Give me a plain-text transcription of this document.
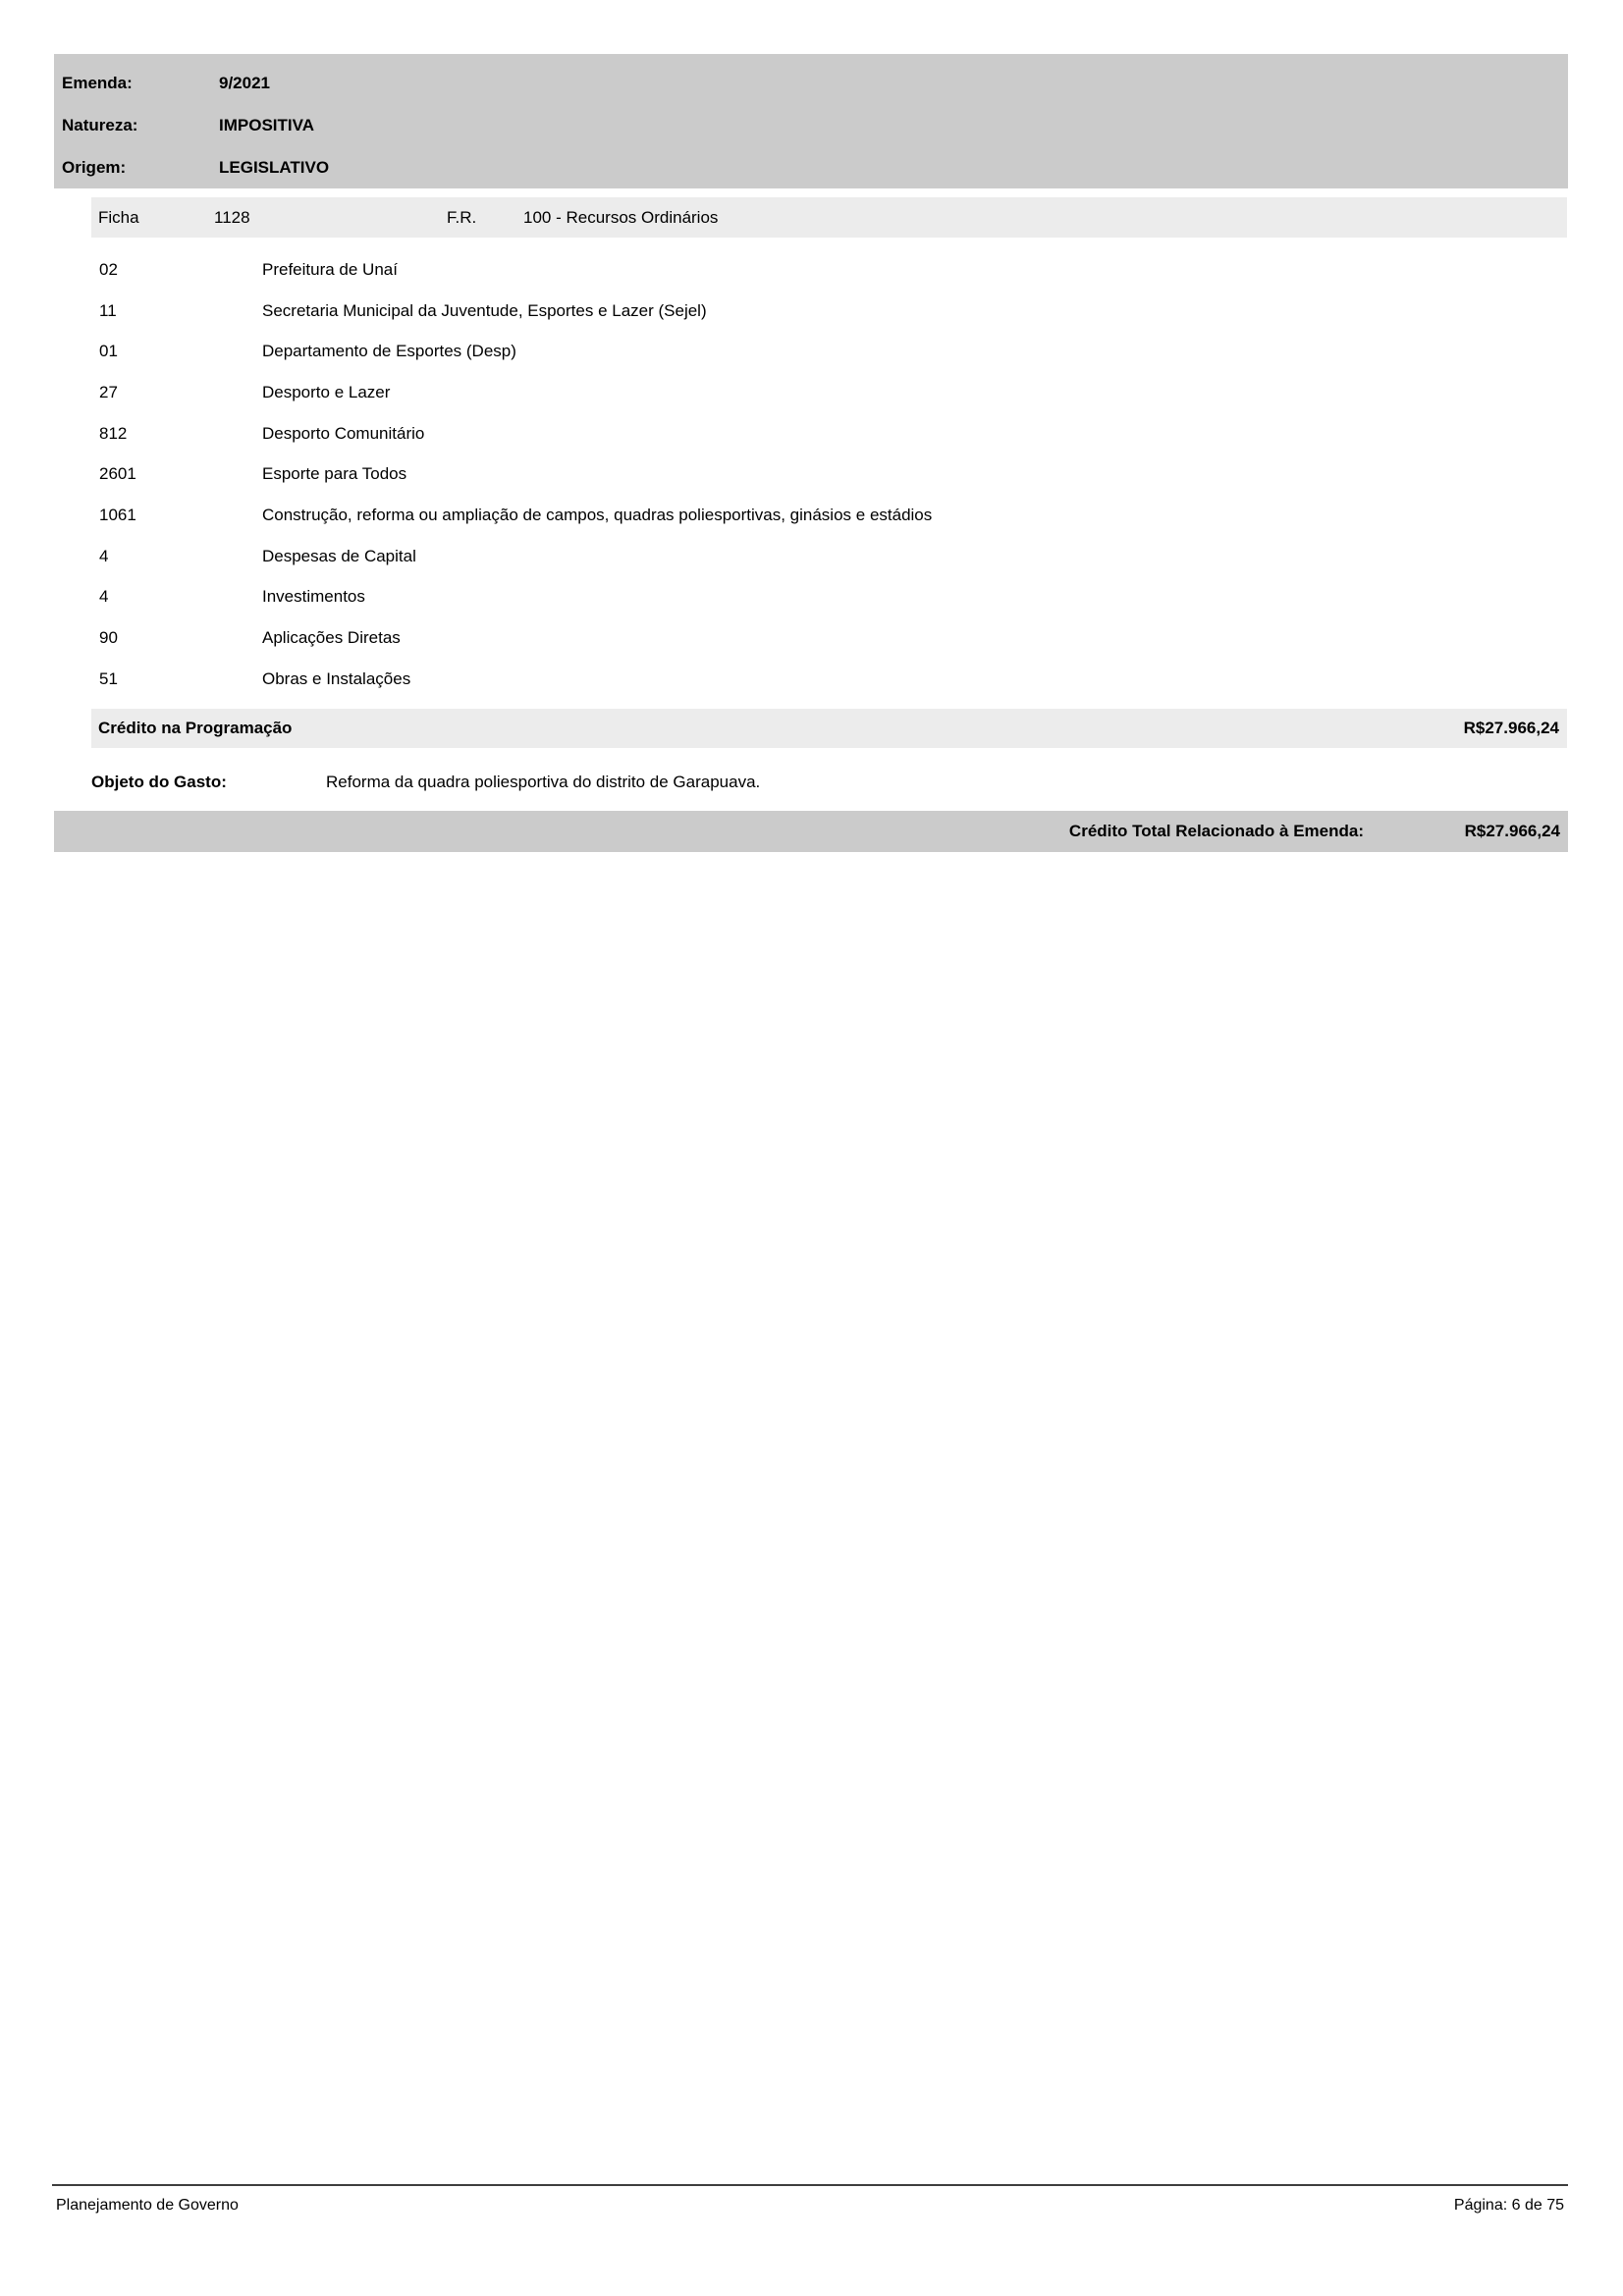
Emenda:	9/2021
Natureza:	IMPOSITIVA
Origem:	LEGISLATIVO
Ficha	1128	F.R.	100 - Recursos Ordinários
02	Prefeitura de Unaí
11	Secretaria Municipal da Juventude, Esportes e Lazer (Sejel)
01	Departamento de Esportes (Desp)
27	Desporto e Lazer
812	Desporto Comunitário
2601	Esporte para Todos
1061	Construção, reforma ou ampliação de campos, quadras poliesportivas, ginásios e estádios
4	Despesas de Capital
4	Investimentos
90	Aplicações Diretas
51	Obras e Instalações
Crédito na Programação	R$27.966,24
Objeto do Gasto:	Reforma da quadra poliesportiva do distrito de Garapuava.
Crédito Total Relacionado à Emenda:	R$27.966,24
Planejamento de Governo	Página: 6 de 75
